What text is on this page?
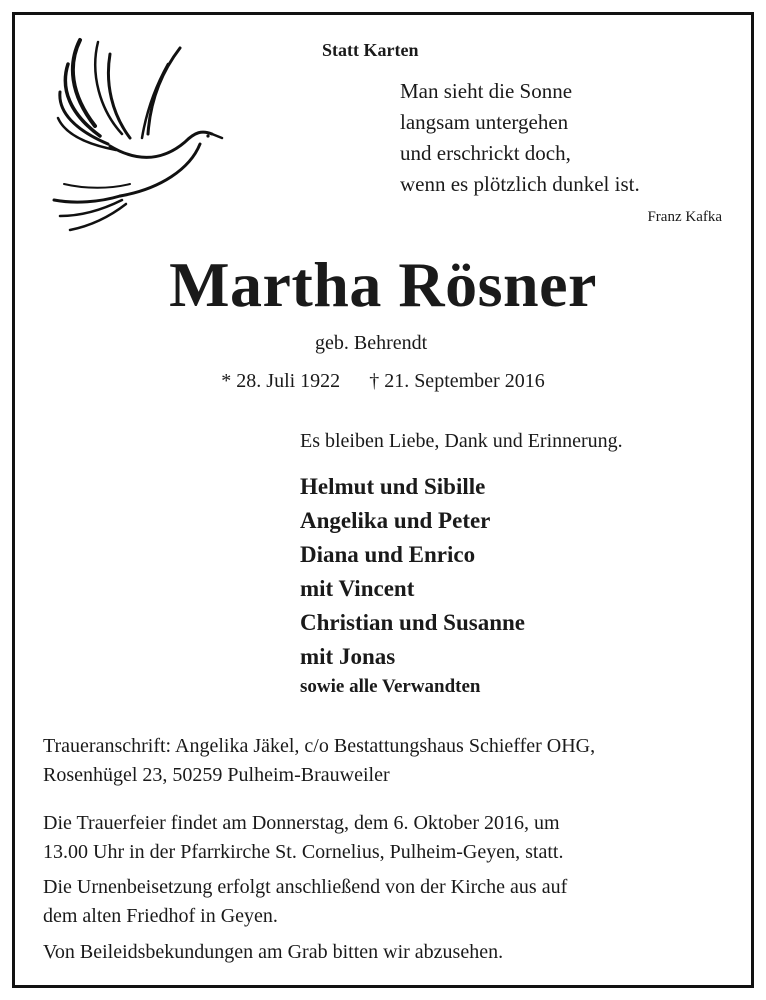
Statt Karten
Man sieht die Sonne
langsam untergehen
und erschrickt doch,
wenn es plötzlich dunkel ist.
Franz Kafka
Martha Rösner
geb. Behrendt
* 28. Juli 1922 † 21. September 2016
Es bleiben Liebe, Dank und Erinnerung.
Helmut und Sibille
Angelika und Peter
Diana und Enrico
mit Vincent
Christian und Susanne
mit Jonas
sowie alle Verwandten
Traueranschrift: Angelika Jäkel, c/o Bestattungshaus Schieffer OHG,
Rosenhügel 23, 50259 Pulheim-Brauweiler
Die Trauerfeier findet am Donnerstag, dem 6. Oktober 2016, um
13.00 Uhr in der Pfarrkirche St. Cornelius, Pulheim-Geyen, statt.
Die Urnenbeisetzung erfolgt anschließend von der Kirche aus auf
dem alten Friedhof in Geyen.
Von Beileidsbekundungen am Grab bitten wir abzusehen.
